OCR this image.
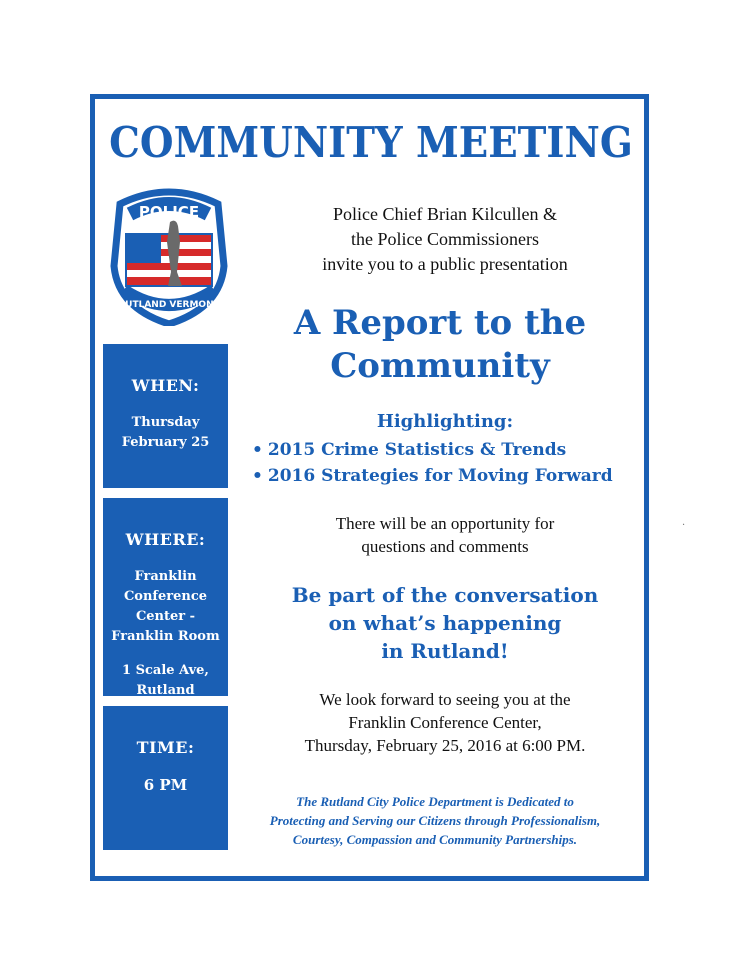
COMMUNITY MEETING
POLICE
RUTLAND VERMONT
Police Chief Brian Kilcullen &
the Police Commissioners
invite you to a public presentation
A Report to the
Community
Highlighting:
• 2015 Crime Statistics & Trends
• 2016 Strategies for Moving Forward
There will be an opportunity for
questions and comments
Be part of the conversation
on what’s happening
in Rutland!
We look forward to seeing you at the
Franklin Conference Center,
Thursday, February 25, 2016 at 6:00 PM.
The Rutland City Police Department is Dedicated to
Protecting and Serving our Citizens through Professionalism,
Courtesy, Compassion and Community Partnerships.
WHEN:
Thursday
February 25
WHERE:
Franklin
Conference
Center -
Franklin Room
1 Scale Ave,
Rutland
TIME:
6 PM
·
